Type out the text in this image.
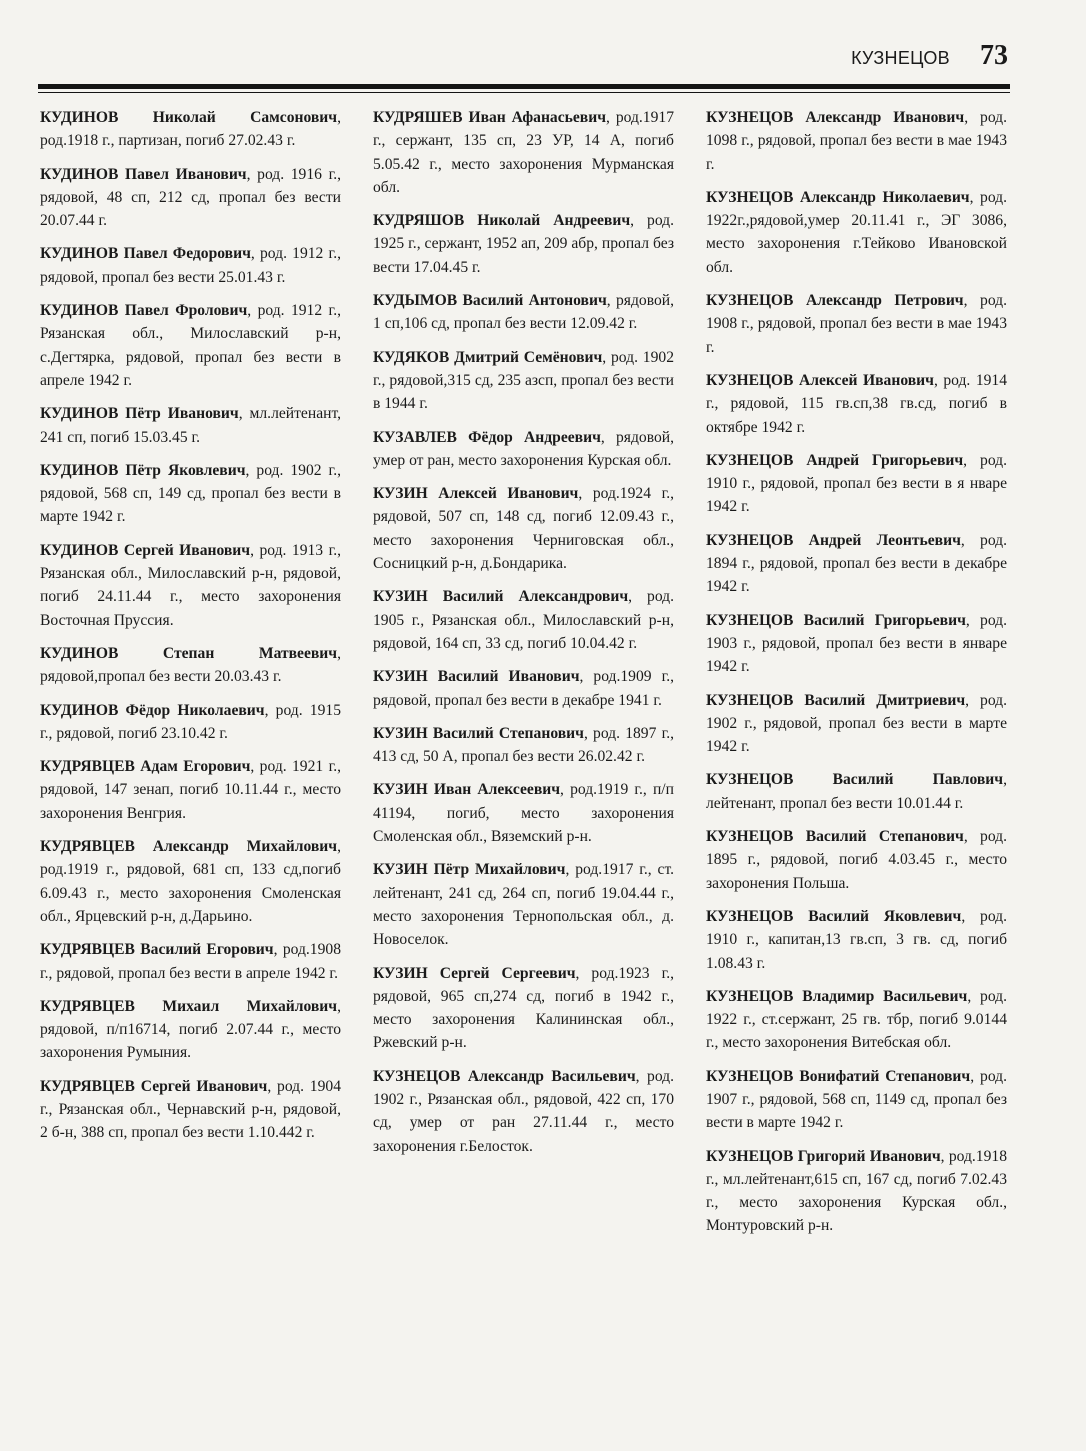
КУЗНЕЦОВ 73

КУДИНОВ Николай Самсонович, род.1918 г., партизан, погиб 27.02.43 г.

КУДИНОВ Павел Иванович, род. 1916 г., рядовой, 48 сп, 212 сд, пропал без вести 20.07.44 г.

КУДИНОВ Павел Федорович, род. 1912 г., рядовой, пропал без вести 25.01.43 г.

КУДИНОВ Павел Фролович, род. 1912 г., Рязанская обл., Милославский р-н, с.Дегтярка, рядовой, пропал без вести в апреле 1942 г.

КУДИНОВ Пётр Иванович, мл.лейтенант, 241 сп, погиб 15.03.45 г.

КУДИНОВ Пётр Яковлевич, род. 1902 г., рядовой, 568 сп, 149 сд, пропал без вести в марте 1942 г.

КУДИНОВ Сергей Иванович, род. 1913 г., Рязанская обл., Милославский р-н, рядовой, погиб 24.11.44 г., место захоронения Восточная Пруссия.

КУДИНОВ Степан Матвеевич, рядовой,пропал без вести 20.03.43 г.

КУДИНОВ Фёдор Николаевич, род. 1915 г., рядовой, погиб 23.10.42 г.

КУДРЯВЦЕВ Адам Егорович, род. 1921 г., рядовой, 147 зенап, погиб 10.11.44 г., место захоронения Венгрия.

КУДРЯВЦЕВ Александр Михайлович, род.1919 г., рядовой, 681 сп, 133 сд,погиб 6.09.43 г., место захоронения Смоленская обл., Ярцевский р-н, д.Дарьино.

КУДРЯВЦЕВ Василий Егорович, род.1908 г., рядовой, пропал без вести в апреле 1942 г.

КУДРЯВЦЕВ Михаил Михайлович, рядовой, п/п16714, погиб 2.07.44 г., место захоронения Румыния.

КУДРЯВЦЕВ Сергей Иванович, род. 1904 г., Рязанская обл., Чернавский р-н, рядовой, 2 б-н, 388 сп, пропал без вести 1.10.442 г.

КУДРЯШЕВ Иван Афанасьевич, род.1917 г., сержант, 135 сп, 23 УР, 14 А, погиб 5.05.42 г., место захоронения Мурманская обл.

КУДРЯШОВ Николай Андреевич, род. 1925 г., сержант, 1952 ап, 209 абр, пропал без вести 17.04.45 г.

КУДЫМОВ Василий Антонович, рядовой, 1 сп,106 сд, пропал без вести 12.09.42 г.

КУДЯКОВ Дмитрий Семёнович, род. 1902 г., рядовой,315 сд, 235 азсп, пропал без вести в 1944 г.

КУЗАВЛЕВ Фёдор Андреевич, рядовой, умер от ран, место захоронения Курская обл.

КУЗИН Алексей Иванович, род.1924 г., рядовой, 507 сп, 148 сд, погиб 12.09.43 г., место захоронения Черниговская обл., Сосницкий р-н, д.Бондарика.

КУЗИН Василий Александрович, род. 1905 г., Рязанская обл., Милославский р-н, рядовой, 164 сп, 33 сд, погиб 10.04.42 г.

КУЗИН Василий Иванович, род.1909 г., рядовой, пропал без вести в декабре 1941 г.

КУЗИН Василий Степанович, род. 1897 г., 413 сд, 50 А, пропал без вести 26.02.42 г.

КУЗИН Иван Алексеевич, род.1919 г., п/п 41194, погиб, место захоронения Смоленская обл., Вяземский р-н.

КУЗИН Пётр Михайлович, род.1917 г., ст. лейтенант, 241 сд, 264 сп, погиб 19.04.44 г., место захоронения Тернопольская обл., д. Новоселок.

КУЗИН Сергей Сергеевич, род.1923 г., рядовой, 965 сп,274 сд, погиб в 1942 г., место захоронения Калининская обл., Ржевский р-н.

КУЗНЕЦОВ Александр Васильевич, род. 1902 г., Рязанская обл., рядовой, 422 сп, 170 сд, умер от ран 27.11.44 г., место захоронения г.Белосток.

КУЗНЕЦОВ Александр Иванович, род. 1098 г., рядовой, пропал без вести в мае 1943 г.

КУЗНЕЦОВ Александр Николаевич, род. 1922г.,рядовой,умер 20.11.41 г., ЭГ 3086, место захоронения г.Тейково Ивановской обл.

КУЗНЕЦОВ Александр Петрович, род. 1908 г., рядовой, пропал без вести в мае 1943 г.

КУЗНЕЦОВ Алексей Иванович, род. 1914 г., рядовой, 115 гв.сп,38 гв.сд, погиб в октябре 1942 г.

КУЗНЕЦОВ Андрей Григорьевич, род. 1910 г., рядовой, пропал без вести в я нваре 1942 г.

КУЗНЕЦОВ Андрей Леонтьевич, род. 1894 г., рядовой, пропал без вести в декабре 1942 г.

КУЗНЕЦОВ Василий Григорьевич, род. 1903 г., рядовой, пропал без вести в январе 1942 г.

КУЗНЕЦОВ Василий Дмитриевич, род. 1902 г., рядовой, пропал без вести в марте 1942 г.

КУЗНЕЦОВ Василий Павлович, лейтенант, пропал без вести 10.01.44 г.

КУЗНЕЦОВ Василий Степанович, род. 1895 г., рядовой, погиб 4.03.45 г., место захоронения Польша.

КУЗНЕЦОВ Василий Яковлевич, род. 1910 г., капитан,13 гв.сп, 3 гв. сд, погиб 1.08.43 г.

КУЗНЕЦОВ Владимир Васильевич, род. 1922 г., ст.сержант, 25 гв. тбр, погиб 9.0144 г., место захоронения Витебская обл.

КУЗНЕЦОВ Вонифатий Степанович, род. 1907 г., рядовой, 568 сп, 1149 сд, пропал без вести в марте 1942 г.

КУЗНЕЦОВ Григорий Иванович, род.1918 г., мл.лейтенант,615 сп, 167 сд, погиб 7.02.43 г., место захоронения Курская обл., Монтуровский р-н.
